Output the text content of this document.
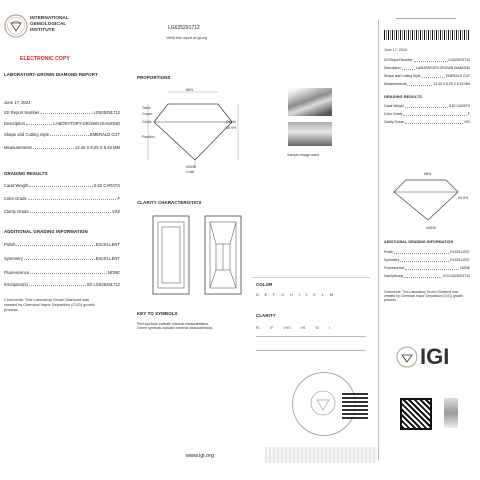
INTERNATIONAL
GEMOLOGICAL
INSTITUTE
ELECTRONIC COPY
LABORATORY-GROWN DIAMOND REPORT
June 17, 2024
IGI Report Number	LG625291712
Description	LABORATORY-GROWN DIAMOND
Shape and Cutting Style	EMERALD CUT
Measurements	13.40 X 8.25 X 5.43 MM
Carat Weight	5.52 CARATS
Color Grade	F
Clarity Grade	VS2
Polish	EXCELLENT
Symmetry	EXCELLENT
Fluorescence	NONE
Inscription(s)	IGI LG625291712
GRADING RESULTS
ADDITIONAL GRADING INFORMATION
Comments: This Laboratory Grown Diamond was
created by Chemical Vapor Deposition (CVD) growth
process.
LG625291712
Verify this report at igi.org
PROPORTIONS
Table
68%
Crown
Pavilion
Depth
65.9%
Girdle
Culet
NONE
Sample image used
CLARITY CHARACTERISTICS
KEY TO SYMBOLS
Red symbols indicate internal characteristics.
Green symbols indicate external characteristics.
www.igi.org
COLOR
D E F G H I J K L M
CLARITY
FL	IF	VVS	VS	SI	I
June 17, 2024
IGI Report Number	LG625291712
Description	LABORATORY-GROWN DIAMOND
Shape and Cutting Style	EMERALD CUT
Measurements	13.40 X 8.25 X 5.43 MM
Carat Weight	5.52 CARATS
Color Grade	F
Clarity Grade	VS2
Polish	EXCELLENT
Symmetry	EXCELLENT
Fluorescence	NONE
Inscription(s)	IGI LG625291712
GRADING RESULTS
68%
65.9%
NONE
ADDITIONAL GRADING INFORMATION
Comments: This Laboratory Grown Diamond was
created by Chemical Vapor Deposition (CVD) growth
process.
IGI
